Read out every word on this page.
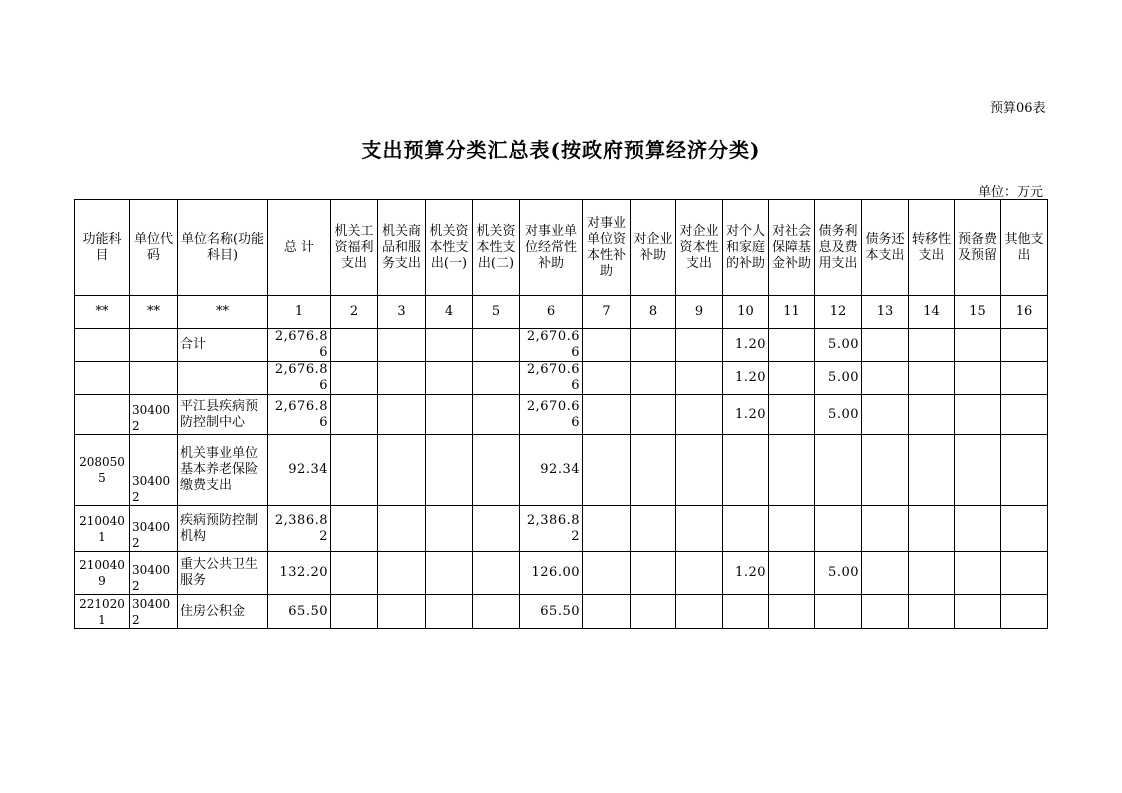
预算06表
支出预算分类汇总表(按政府预算经济分类)
单位：万元
功能科目	单位代码	单位名称(功能科目)	总 计	机关工资福利支出	机关商品和服务支出	机关资本性支出(一)	机关资本性支出(二)	对事业单位经常性补助	对事业单位资本性补助	对企业补助	对企业资本性支出	对个人和家庭的补助	对社会保障基金补助	债务利息及费用支出	债务还本支出	转移性支出	预备费及预留	其他支出
**	**	**	1	2	3	4	5	6	7	8	9	10	11	12	13	14	15	16
		合计	2,676.86					2,670.66				1.20		5.00				
			2,676.86					2,670.66				1.20		5.00				
	304002	平江县疾病预防控制中心	2,676.86					2,670.66				1.20		5.00				
2080505	304002	机关事业单位基本养老保险缴费支出	92.34					92.34										
2100401	304002	疾病预防控制机构	2,386.82					2,386.82										
2100409	304002	重大公共卫生服务	132.20					126.00				1.20		5.00				
2210201	304002	住房公积金	65.50					65.50										
